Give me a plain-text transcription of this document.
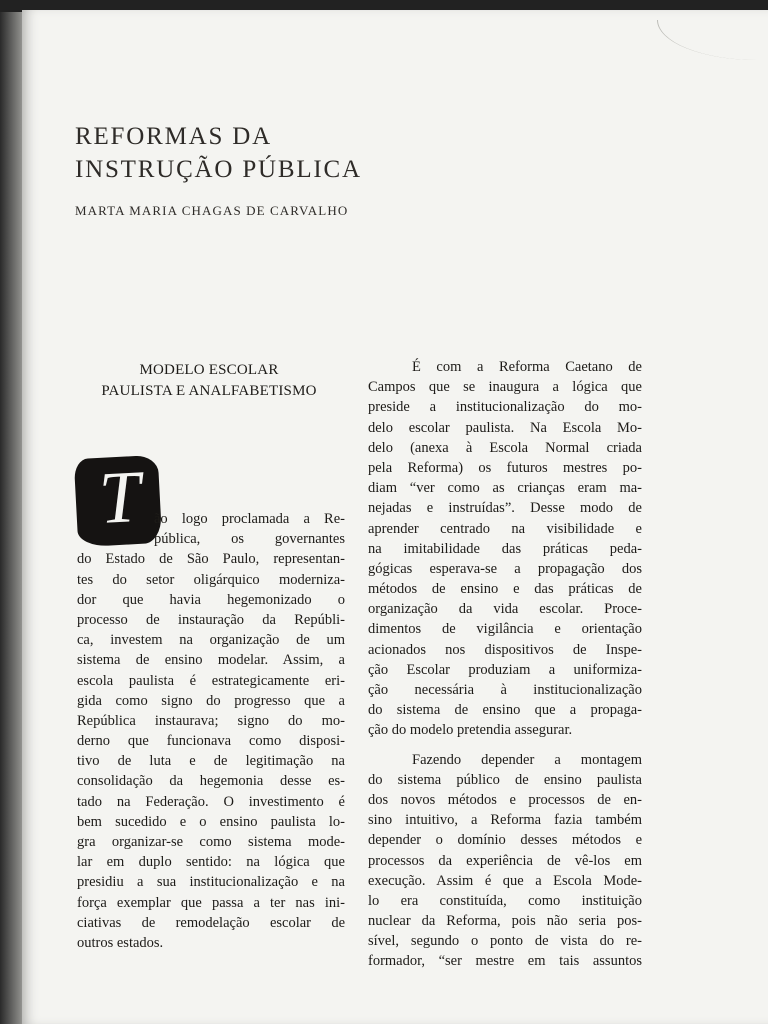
REFORMAS DA
INSTRUÇÃO PÚBLICA
MARTA MARIA CHAGAS DE CARVALHO
MODELO ESCOLAR
PAULISTA E ANALFABETISMO
T ão logo proclamada a Re-
pública, os governantes
do Estado de São Paulo, representan-
tes do setor oligárquico moderniza-
dor que havia hegemonizado o
processo de instauração da Repúbli-
ca, investem na organização de um
sistema de ensino modelar. Assim, a
escola paulista é estrategicamente eri-
gida como signo do progresso que a
República instaurava; signo do mo-
derno que funcionava como disposi-
tivo de luta e de legitimação na
consolidação da hegemonia desse es-
tado na Federação. O investimento é
bem sucedido e o ensino paulista lo-
gra organizar-se como sistema mode-
lar em duplo sentido: na lógica que
presidiu a sua institucionalização e na
força exemplar que passa a ter nas ini-
ciativas de remodelação escolar de
outros estados.
É com a Reforma Caetano de
Campos que se inaugura a lógica que
preside a institucionalização do mo-
delo escolar paulista. Na Escola Mo-
delo (anexa à Escola Normal criada
pela Reforma) os futuros mestres po-
diam “ver como as crianças eram ma-
nejadas e instruídas”. Desse modo de
aprender centrado na visibilidade e
na imitabilidade das práticas peda-
gógicas esperava-se a propagação dos
métodos de ensino e das práticas de
organização da vida escolar. Proce-
dimentos de vigilância e orientação
acionados nos dispositivos de Inspe-
ção Escolar produziam a uniformiza-
ção necessária à institucionalização
do sistema de ensino que a propaga-
ção do modelo pretendia assegurar.
Fazendo depender a montagem
do sistema público de ensino paulista
dos novos métodos e processos de en-
sino intuitivo, a Reforma fazia também
depender o domínio desses métodos e
processos da experiência de vê-los em
execução. Assim é que a Escola Mode-
lo era constituída, como instituição
nuclear da Reforma, pois não seria pos-
sível, segundo o ponto de vista do re-
formador, “ser mestre em tais assuntos
